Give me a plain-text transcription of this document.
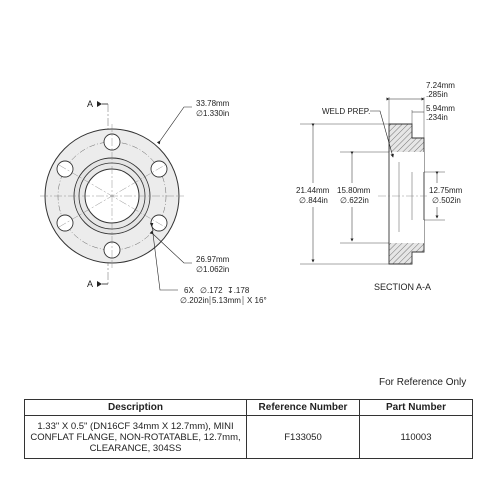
A
A
33.78mm
∅1.330in
26.97mm
∅1.062in
6X ∅.172 ↧.178
∅.202in 5.13mm X 16°
7.24mm
.285in
5.94mm
.234in
WELD PREP.
21.44mm
∅.844in
15.80mm
∅.622in
12.75mm
∅.502in
SECTION A-A
For Reference Only
Description	Reference Number	Part Number

1.33" X 0.5" (DN16CF 34mm X 12.7mm), MINI
CONFLAT FLANGE, NON-ROTATABLE, 12.7mm,
CLEARANCE, 304SS	F133050	110003
